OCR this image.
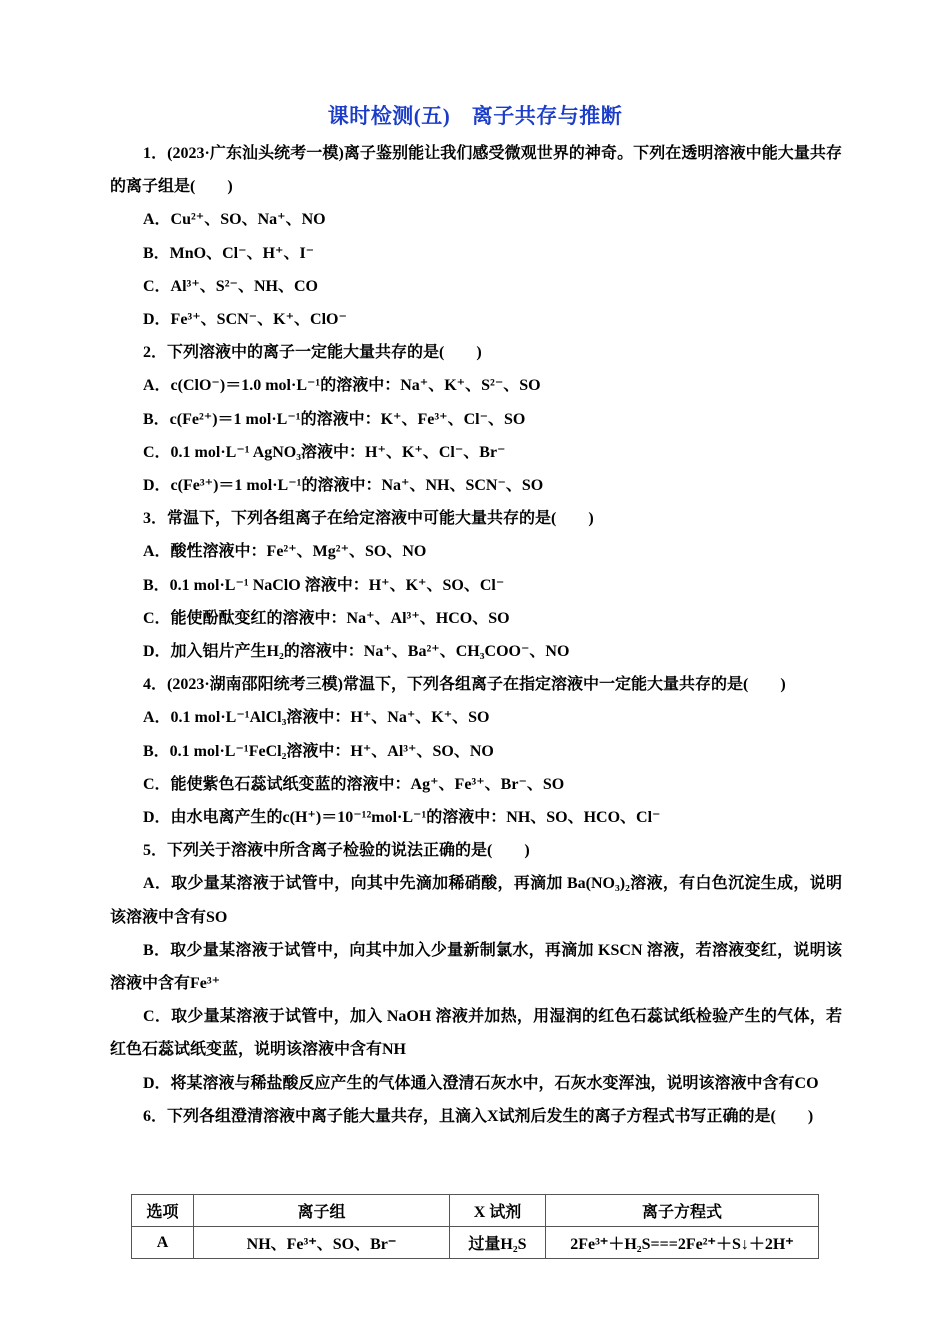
课时检测(五)　离子共存与推断

1．(2023·广东汕头统考一模)离子鉴别能让我们感受微观世界的神奇。下列在透明溶液中能大量共存的离子组是(　　)

A．Cu²⁺、SO、Na⁺、NO

B．MnO、Cl⁻、H⁺、I⁻

C．Al³⁺、S²⁻、NH、CO

D．Fe³⁺、SCN⁻、K⁺、ClO⁻

2．下列溶液中的离子一定能大量共存的是(　　)

A．c(ClO⁻)＝1.0 mol·L⁻¹的溶液中：Na⁺、K⁺、S²⁻、SO

B．c(Fe²⁺)＝1 mol·L⁻¹的溶液中：K⁺、Fe³⁺、Cl⁻、SO

C．0.1 mol·L⁻¹ AgNO₃溶液中：H⁺、K⁺、Cl⁻、Br⁻

D．c(Fe³⁺)＝1 mol·L⁻¹的溶液中：Na⁺、NH、SCN⁻、SO

3．常温下，下列各组离子在给定溶液中可能大量共存的是(　　)

A．酸性溶液中：Fe²⁺、Mg²⁺、SO、NO

B．0.1 mol·L⁻¹ NaClO 溶液中：H⁺、K⁺、SO、Cl⁻

C．能使酚酞变红的溶液中：Na⁺、Al³⁺、HCO、SO

D．加入铝片产生H₂的溶液中：Na⁺、Ba²⁺、CH₃COO⁻、NO

4．(2023·湖南邵阳统考三模)常温下，下列各组离子在指定溶液中一定能大量共存的是(　　)

A．0.1 mol·L⁻¹AlCl₃溶液中：H⁺、Na⁺、K⁺、SO

B．0.1 mol·L⁻¹FeCl₂溶液中：H⁺、Al³⁺、SO、NO

C．能使紫色石蕊试纸变蓝的溶液中：Ag⁺、Fe³⁺、Br⁻、SO

D．由水电离产生的c(H⁺)＝10⁻¹²mol·L⁻¹的溶液中：NH、SO、HCO、Cl⁻

5．下列关于溶液中所含离子检验的说法正确的是(　　)

A．取少量某溶液于试管中，向其中先滴加稀硝酸，再滴加 Ba(NO₃)₂溶液，有白色沉淀生成，说明该溶液中含有SO

B．取少量某溶液于试管中，向其中加入少量新制氯水，再滴加 KSCN 溶液，若溶液变红，说明该溶液中含有Fe³⁺

C．取少量某溶液于试管中，加入 NaOH 溶液并加热，用湿润的红色石蕊试纸检验产生的气体，若红色石蕊试纸变蓝，说明该溶液中含有NH

D．将某溶液与稀盐酸反应产生的气体通入澄清石灰水中，石灰水变浑浊，说明该溶液中含有CO

6．下列各组澄清溶液中离子能大量共存，且滴入X试剂后发生的离子方程式书写正确的是(　　)

选项	离子组	X 试剂	离子方程式
A	NH、Fe³⁺、SO、Br⁻	过量H₂S	2Fe³⁺＋H₂S===2Fe²⁺＋S↓＋2H⁺
